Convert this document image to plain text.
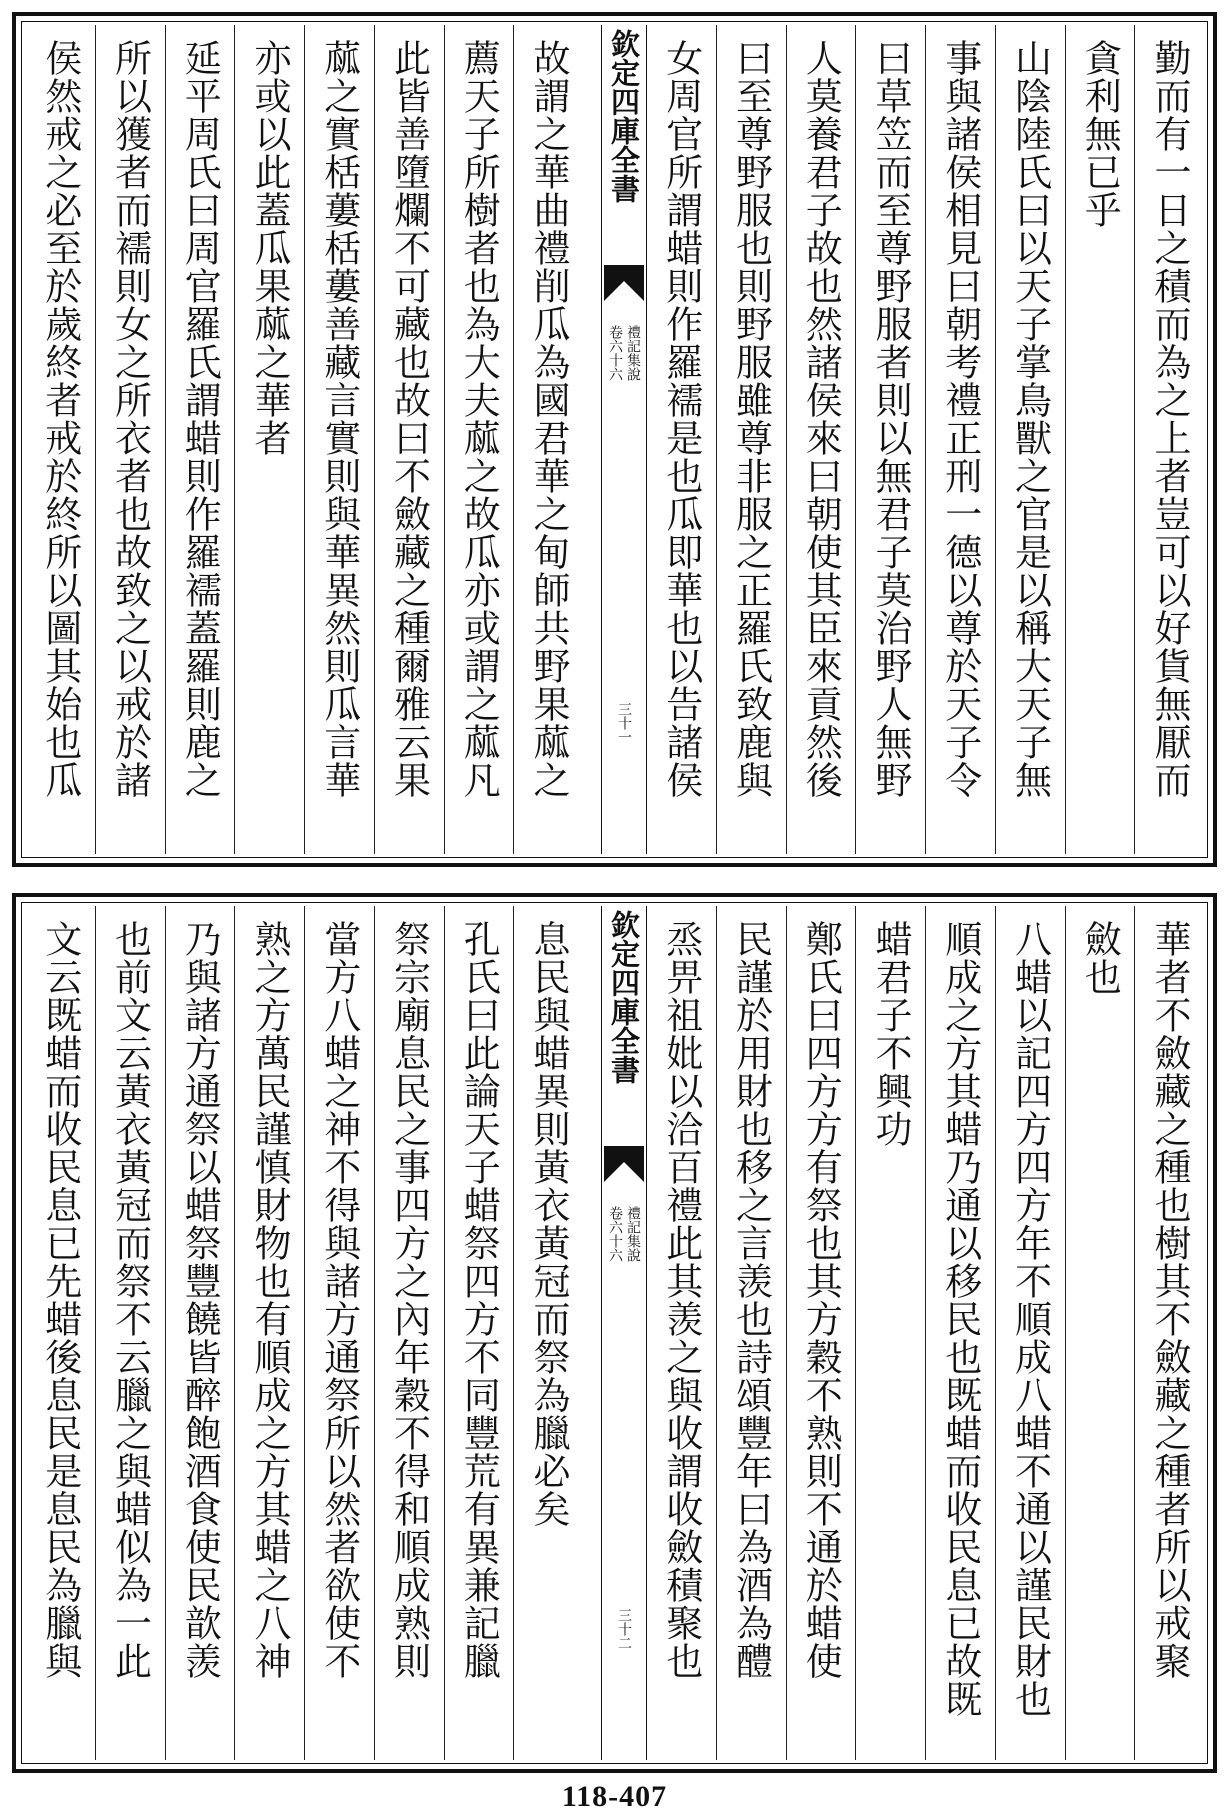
勤而有一日之積而為之上者豈可以好貨無厭而
貪利無已乎
山陰陸氏曰以天子掌鳥獸之官是以稱大天子無
事與諸侯相見曰朝考禮正刑一德以尊於天子令
曰草笠而至尊野服者則以無君子莫治野人無野
人莫養君子故也然諸侯來曰朝使其臣來貢然後
曰至尊野服也則野服雖尊非服之正羅氏致鹿與
女周官所謂蜡則作羅襦是也瓜即華也以告諸侯
欽定四庫全書
禮記集說
卷六十六
三十一
故謂之華曲禮削瓜為國君華之甸師共野果蓏之
薦天子所樹者也為大夫蓏之故瓜亦或謂之蓏凡
此皆善墮爛不可藏也故曰不斂藏之種爾雅云果
蓏之實栝蔞栝蔞善藏言實則與華異然則瓜言華
亦或以此蓋瓜果蓏之華者
延平周氏曰周官羅氏謂蜡則作羅襦蓋羅則鹿之
所以獲者而襦則女之所衣者也故致之以戒於諸
侯然戒之必至於歲終者戒於終所以圖其始也瓜
華者不斂藏之種也樹其不斂藏之種者所以戒聚
斂也
八蜡以記四方四方年不順成八蜡不通以謹民財也
順成之方其蜡乃通以移民也既蜡而收民息已故既
蜡君子不興功
鄭氏曰四方方有祭也其方穀不熟則不通於蜡使
民謹於用財也移之言羡也詩頌豐年曰為酒為醴
烝畀祖妣以洽百禮此其羡之與收謂收斂積聚也
欽定四庫全書
禮記集說
卷六十六
三十二
息民與蜡異則黃衣黃冠而祭為臘必矣
孔氏曰此論天子蜡祭四方不同豐荒有異兼記臘
祭宗廟息民之事四方之內年穀不得和順成熟則
當方八蜡之神不得與諸方通祭所以然者欲使不
熟之方萬民謹慎財物也有順成之方其蜡之八神
乃與諸方通祭以蜡祭豐饒皆醉飽酒食使民歆羡
也前文云黃衣黃冠而祭不云臘之與蜡似為一此
文云既蜡而收民息已先蜡後息民是息民為臘與
118-407
